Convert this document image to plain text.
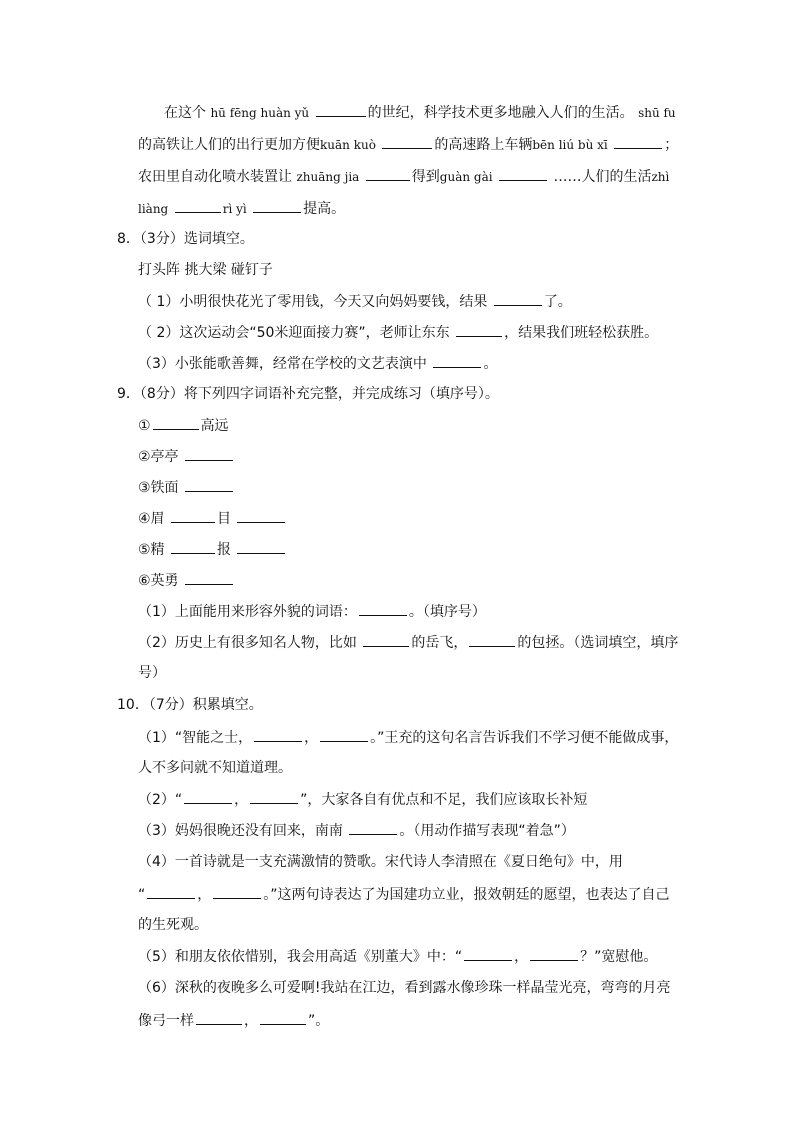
在这个 hū fēng huàn yǔ	的世纪，科学技术更多地融入人们的生活。 shū fu
的高铁让人们的出行更加方便kuān kuò	的高速路上车辆bēn liú bù xī	；
农田里自动化喷水装置让 zhuāng jia	得到guàn gài	……人们的生活zhì
liàng	rì yì	提高。
8．（3分）选词填空。
打头阵 挑大梁 碰钉子
（ 1）小明很快花光了零用钱，今天又向妈妈要钱，结果	了。
（ 2）这次运动会“50米迎面接力赛”，老师让东东	，结果我们班轻松获胜。
（3）小张能歌善舞，经常在学校的文艺表演中	。
9．（8分）将下列四字词语补充完整，并完成练习（填序号）。
①	高远
②亭亭
③铁面
④眉	目
⑤精	报
⑥英勇
（1）上面能用来形容外貌的词语：	。（填序号）
（2）历史上有很多知名人物，比如	的岳飞，	的包拯。（选词填空，填序
号）
10．（7分）积累填空。
（1）“智能之士，	，	。”王充的这句名言告诉我们不学习便不能做成事，
人不多问就不知道道理。
（2）“	，	”，大家各自有优点和不足，我们应该取长补短
（3）妈妈很晚还没有回来，南南	。（用动作描写表现“着急”）
（4）一首诗就是一支充满激情的赞歌。宋代诗人李清照在《夏日绝句》中，用
“	，	。”这两句诗表达了为国建功立业，报效朝廷的愿望，也表达了自己
的生死观。
（5）和朋友依依惜别，我会用高适《别董大》中：“	，	？”宽慰他。
（6）深秋的夜晚多么可爱啊!我站在江边，看到露水像珍珠一样晶莹光亮，弯弯的月亮
像弓一样	，	”。
